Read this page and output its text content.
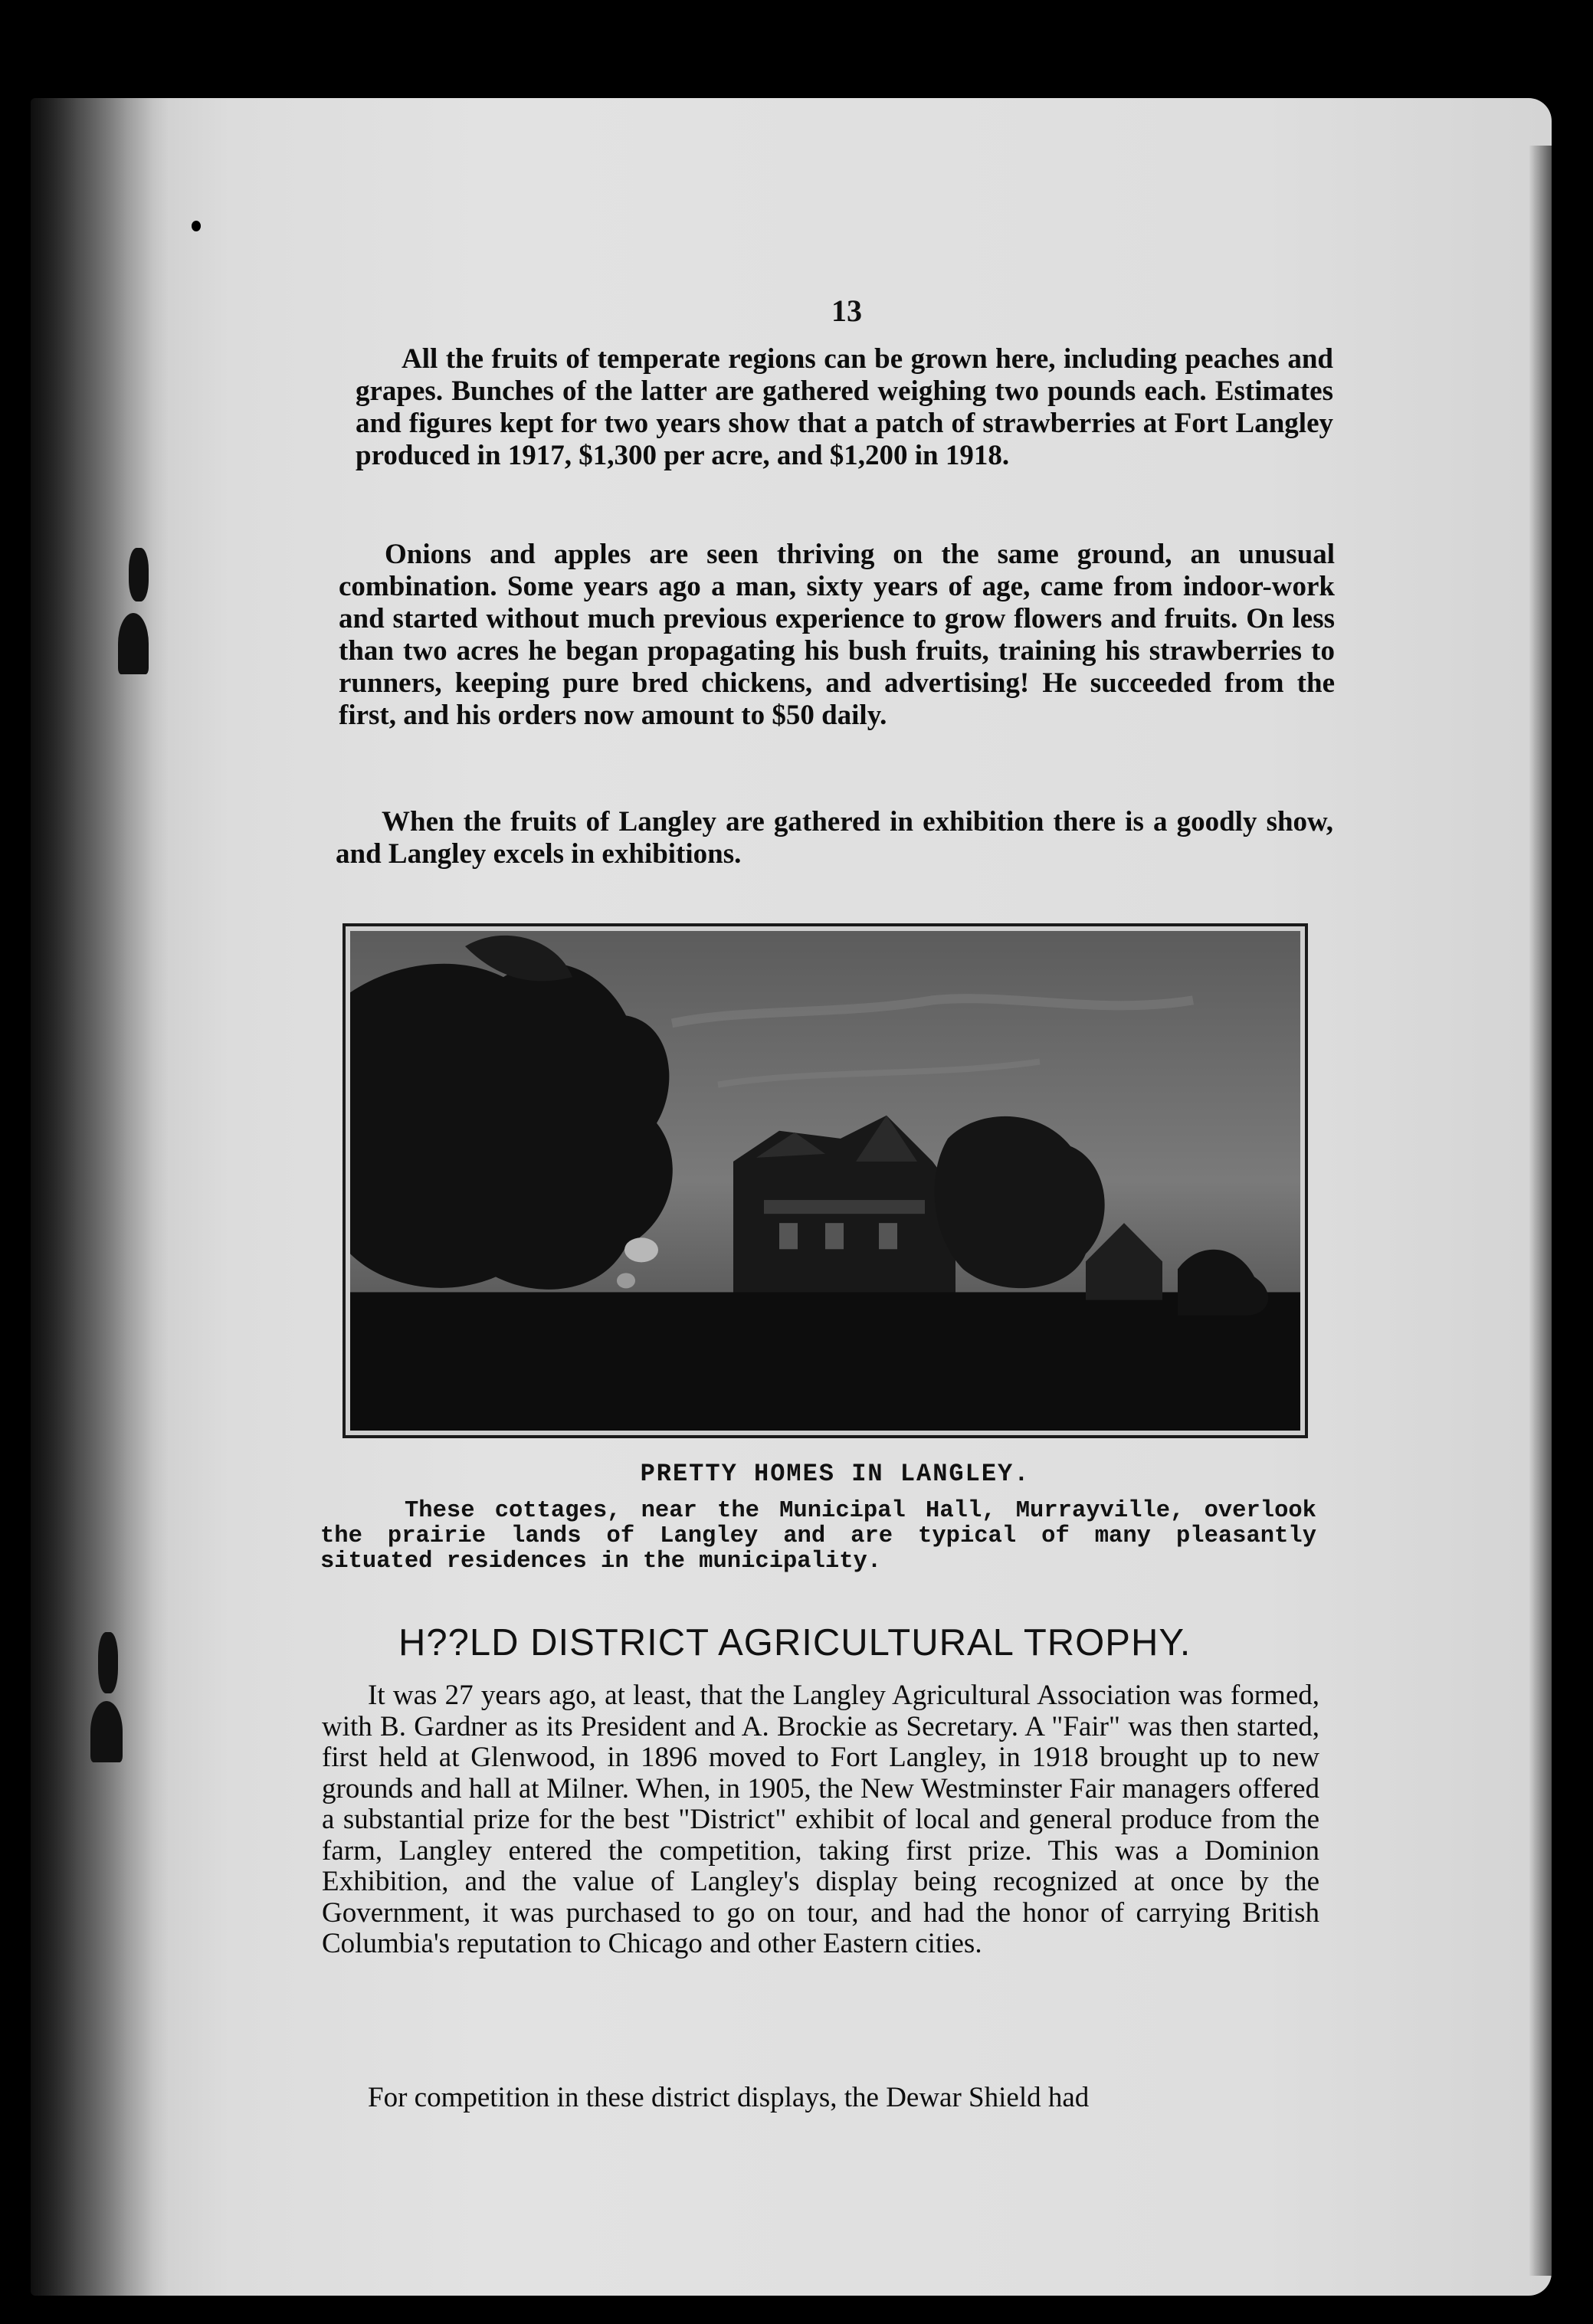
13

All the fruits of temperate regions can be grown here, including peaches and grapes. Bunches of the latter are gathered weighing two pounds each. Estimates and figures kept for two years show that a patch of strawberries at Fort Langley produced in 1917, $1,300 per acre, and $1,200 in 1918.

Onions and apples are seen thriving on the same ground, an unusual combination. Some years ago a man, sixty years of age, came from indoor-work and started without much previous experience to grow flowers and fruits. On less than two acres he began propagating his bush fruits, training his strawberries to runners, keeping pure bred chickens, and advertising! He succeeded from the first, and his orders now amount to $50 daily.

When the fruits of Langley are gathered in exhibition there is a goodly show, and Langley excels in exhibitions.

PRETTY HOMES IN LANGLEY.

These cottages, near the Municipal Hall, Murrayville, overlook the prairie lands of Langley and are typical of many pleasantly situated residences in the municipality.

H??LD DISTRICT AGRICULTURAL TROPHY.

It was 27 years ago, at least, that the Langley Agricultural Association was formed, with B. Gardner as its President and A. Brockie as Secretary. A "Fair" was then started, first held at Glenwood, in 1896 moved to Fort Langley, in 1918 brought up to new grounds and hall at Milner. When, in 1905, the New Westminster Fair managers offered a substantial prize for the best "District" exhibit of local and general produce from the farm, Langley entered the competition, taking first prize. This was a Dominion Exhibition, and the value of Langley's display being recognized at once by the Government, it was purchased to go on tour, and had the honor of carrying British Columbia's reputation to Chicago and other Eastern cities.

For competition in these district displays, the Dewar Shield had
